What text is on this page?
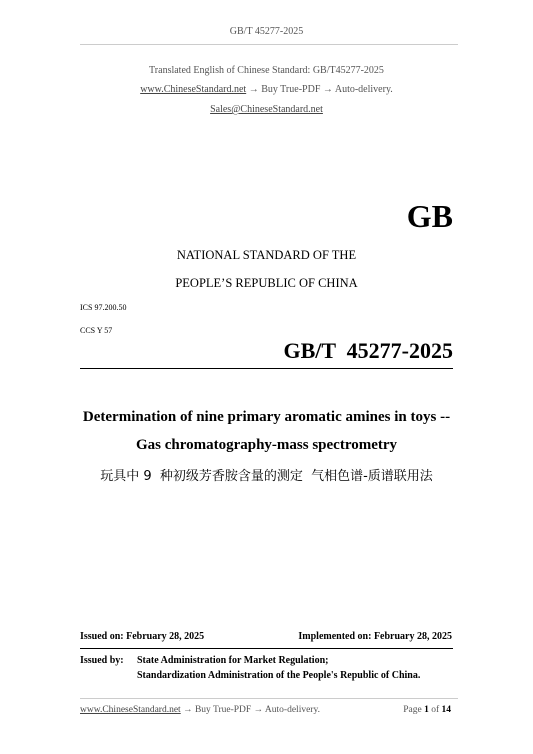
GB/T 45277-2025
Translated English of Chinese Standard: GB/T45277-2025
www.ChineseStandard.net → Buy True-PDF → Auto-delivery.
Sales@ChineseStandard.net
GB
NATIONAL STANDARD OF THE
PEOPLE’S REPUBLIC OF CHINA
ICS 97.200.50
CCS Y 57
GB/T  45277-2025
Determination of nine primary aromatic amines in toys --
Gas chromatography-mass spectrometry
玩具中 9  种初级芳香胺含量的测定  气相色谱-质谱联用法
Issued on: February 28, 2025	Implemented on: February 28, 2025
Issued by: State Administration for Market Regulation;
Standardization Administration of the People's Republic of China.
www.ChineseStandard.net → Buy True-PDF → Auto-delivery.	Page 1 of 14
